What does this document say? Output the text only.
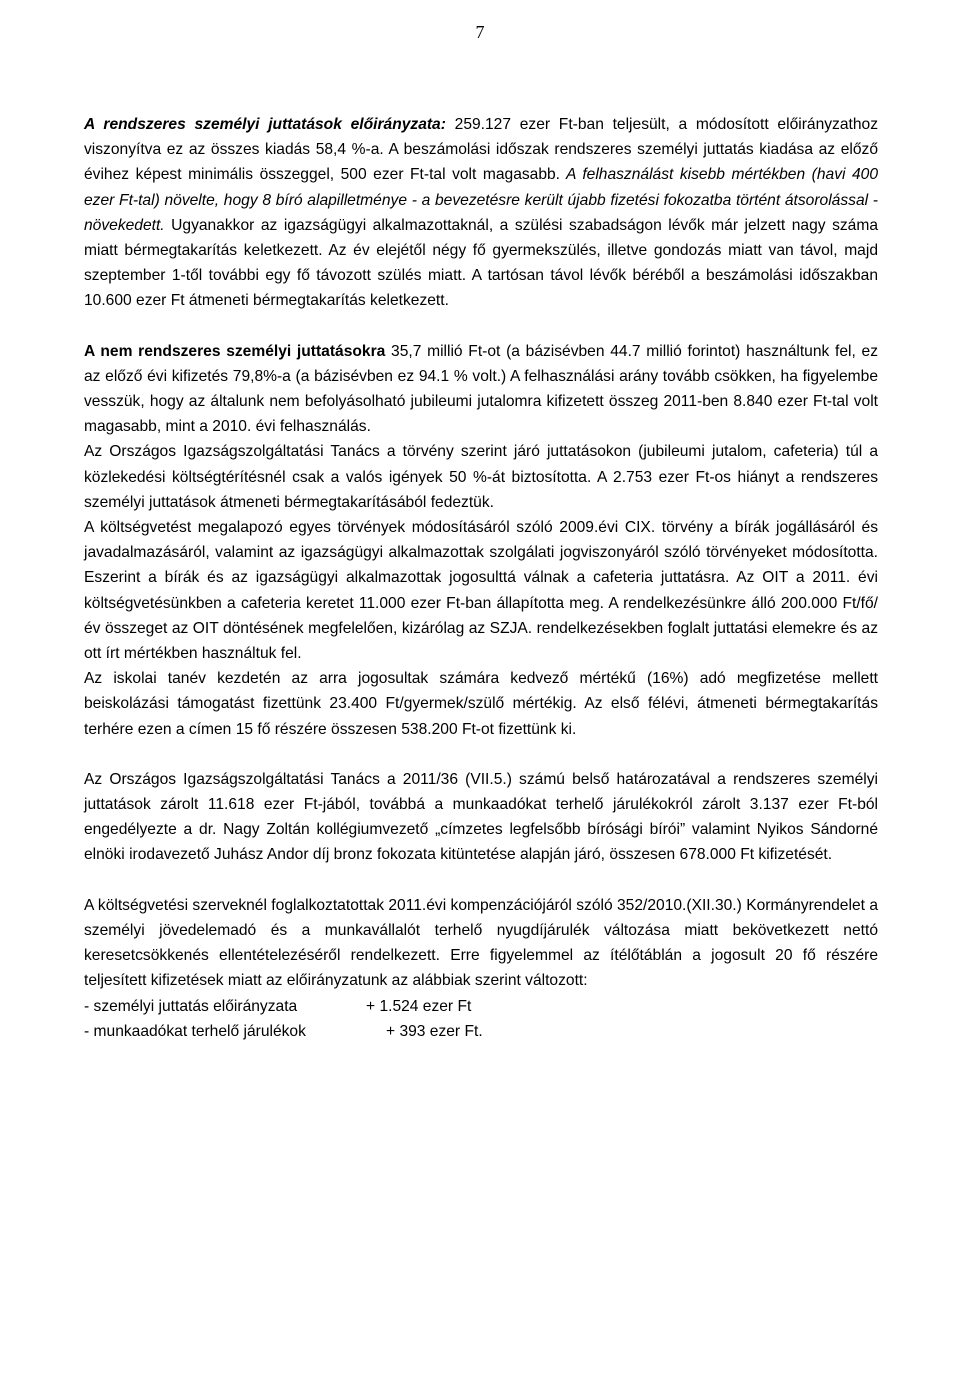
7

A rendszeres személyi juttatások előirányzata: 259.127 ezer Ft-ban teljesült, a módosított előirányzathoz viszonyítva ez az összes kiadás 58,4 %-a. A beszámolási időszak rendszeres személyi juttatás kiadása az előző évihez képest minimális összeggel, 500 ezer Ft-tal volt magasabb. A felhasználást kisebb mértékben (havi 400 ezer Ft-tal) növelte, hogy 8 bíró alapilletménye - a bevezetésre került újabb fizetési fokozatba történt átsorolással - növekedett. Ugyanakkor az igazságügyi alkalmazottaknál, a szülési szabadságon lévők már jelzett nagy száma miatt bérmegtakarítás keletkezett. Az év elejétől négy fő gyermekszülés, illetve gondozás miatt van távol, majd szeptember 1-től további egy fő távozott szülés miatt. A tartósan távol lévők béréből a beszámolási időszakban 10.600 ezer Ft átmeneti bérmegtakarítás keletkezett.

A nem rendszeres személyi juttatásokra 35,7 millió Ft-ot (a bázisévben 44.7 millió forintot) használtunk fel, ez az előző évi kifizetés 79,8%-a (a bázisévben ez 94.1 % volt.) A felhasználási arány tovább csökken, ha figyelembe vesszük, hogy az általunk nem befolyásolható jubileumi jutalomra kifizetett összeg 2011-ben 8.840 ezer Ft-tal volt magasabb, mint a 2010. évi felhasználás.

Az Országos Igazságszolgáltatási Tanács a törvény szerint járó juttatásokon (jubileumi jutalom, cafeteria) túl a közlekedési költségtérítésnél csak a valós igények 50 %-át biztosította. A 2.753 ezer Ft-os hiányt a rendszeres személyi juttatások átmeneti bérmegtakarításából fedeztük.

A költségvetést megalapozó egyes törvények módosításáról szóló 2009.évi CIX. törvény a bírák jogállásáról és javadalmazásáról, valamint az igazságügyi alkalmazottak szolgálati jogviszonyáról szóló törvényeket módosította. Eszerint a bírák és az igazságügyi alkalmazottak jogosulttá válnak a cafeteria juttatásra. Az OIT a 2011. évi költségvetésünkben a cafeteria keretet 11.000 ezer Ft-ban állapította meg. A rendelkezésünkre álló 200.000 Ft/fő/év összeget az OIT döntésének megfelelően, kizárólag az SZJA. rendelkezésekben foglalt juttatási elemekre és az ott írt mértékben használtuk fel.

Az iskolai tanév kezdetén az arra jogosultak számára kedvező mértékű (16%) adó megfizetése mellett beiskolázási támogatást fizettünk 23.400 Ft/gyermek/szülő mértékig. Az első félévi, átmeneti bérmegtakarítás terhére ezen a címen 15 fő részére összesen 538.200 Ft-ot fizettünk ki.

Az Országos Igazságszolgáltatási Tanács a 2011/36 (VII.5.) számú belső határozatával a rendszeres személyi juttatások zárolt 11.618 ezer Ft-jából, továbbá a munkaadókat terhelő járulékokról zárolt 3.137 ezer Ft-ból engedélyezte a dr. Nagy Zoltán kollégiumvezető „címzetes legfelsőbb bírósági bírói” valamint Nyikos Sándorné elnöki irodavezető Juhász Andor díj bronz fokozata kitüntetése alapján járó, összesen 678.000 Ft kifizetését.

A költségvetési szerveknél foglalkoztatottak 2011.évi kompenzációjáról szóló 352/2010.(XII.30.) Kormányrendelet a személyi jövedelemadó és a munkavállalót terhelő nyugdíjárulék változása miatt bekövetkezett nettó keresetcsökkenés ellentételezéséről rendelkezett. Erre figyelemmel az ítélőtáblán a jogosult 20 fő részére teljesített kifizetések miatt az előirányzatunk az alábbiak szerint változott:

- személyi juttatás előirányzata	+ 1.524 ezer Ft
- munkaadókat terhelő járulékok	+ 393 ezer Ft.
